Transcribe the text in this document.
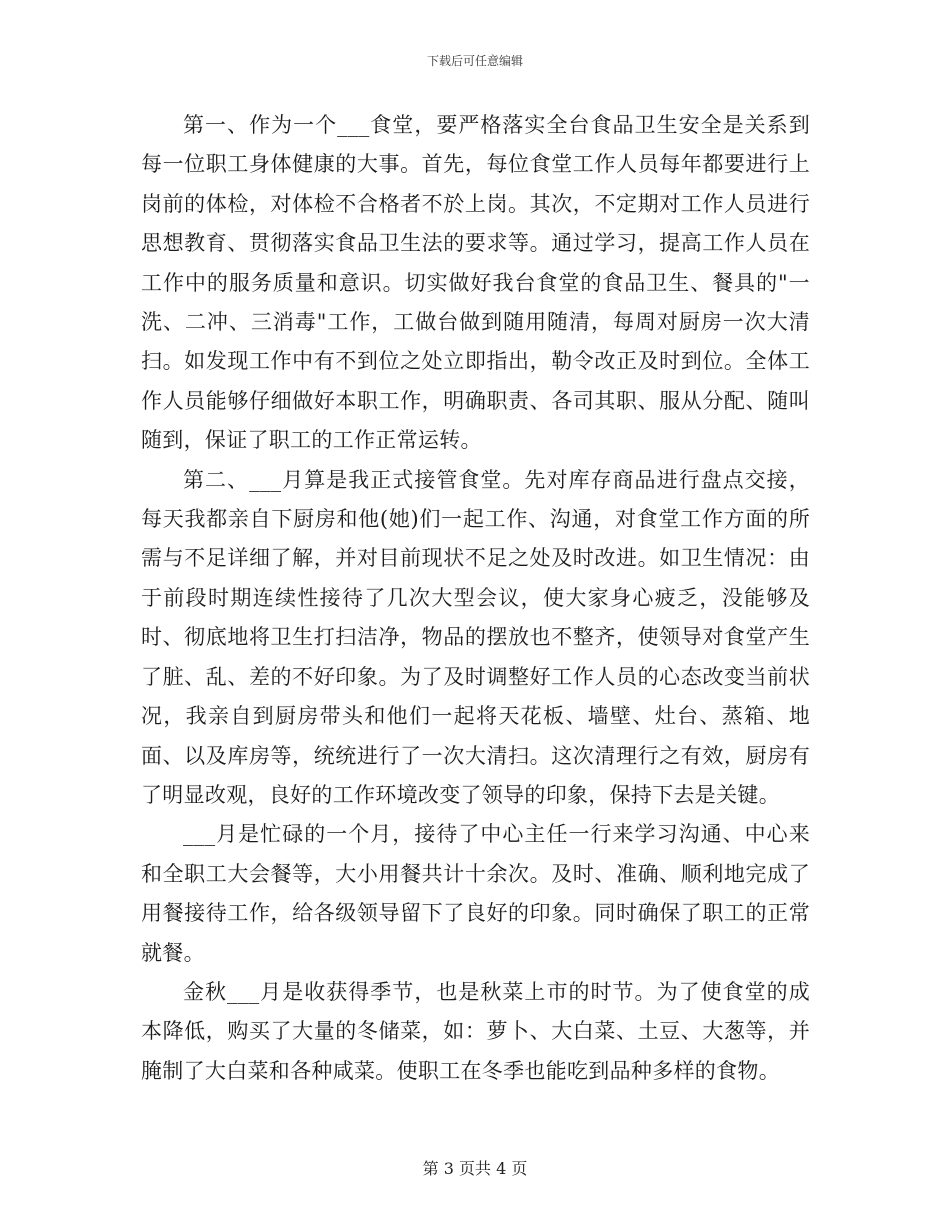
下载后可任意编辑

第一、作为一个___食堂，要严格落实全台食品卫生安全是关系到每一位职工身体健康的大事。首先，每位食堂工作人员每年都要进行上岗前的体检，对体检不合格者不於上岗。其次，不定期对工作人员进行思想教育、贯彻落实食品卫生法的要求等。通过学习，提高工作人员在工作中的服务质量和意识。切实做好我台食堂的食品卫生、餐具的"一洗、二冲、三消毒"工作，工做台做到随用随清，每周对厨房一次大清扫。如发现工作中有不到位之处立即指出，勒令改正及时到位。全体工作人员能够仔细做好本职工作，明确职责、各司其职、服从分配、随叫随到，保证了职工的工作正常运转。

第二、___月算是我正式接管食堂。先对库存商品进行盘点交接，每天我都亲自下厨房和他(她)们一起工作、沟通，对食堂工作方面的所需与不足详细了解，并对目前现状不足之处及时改进。如卫生情况：由于前段时期连续性接待了几次大型会议，使大家身心疲乏，没能够及时、彻底地将卫生打扫洁净，物品的摆放也不整齐，使领导对食堂产生了脏、乱、差的不好印象。为了及时调整好工作人员的心态改变当前状况，我亲自到厨房带头和他们一起将天花板、墙壁、灶台、蒸箱、地面、以及库房等，统统进行了一次大清扫。这次清理行之有效，厨房有了明显改观，良好的工作环境改变了领导的印象，保持下去是关键。

___月是忙碌的一个月，接待了中心主任一行来学习沟通、中心来和全职工大会餐等，大小用餐共计十余次。及时、准确、顺利地完成了用餐接待工作，给各级领导留下了良好的印象。同时确保了职工的正常就餐。

金秋___月是收获得季节，也是秋菜上市的时节。为了使食堂的成本降低，购买了大量的冬储菜，如：萝卜、大白菜、土豆、大葱等，并腌制了大白菜和各种咸菜。使职工在冬季也能吃到品种多样的食物。

第 3 页共 4 页
